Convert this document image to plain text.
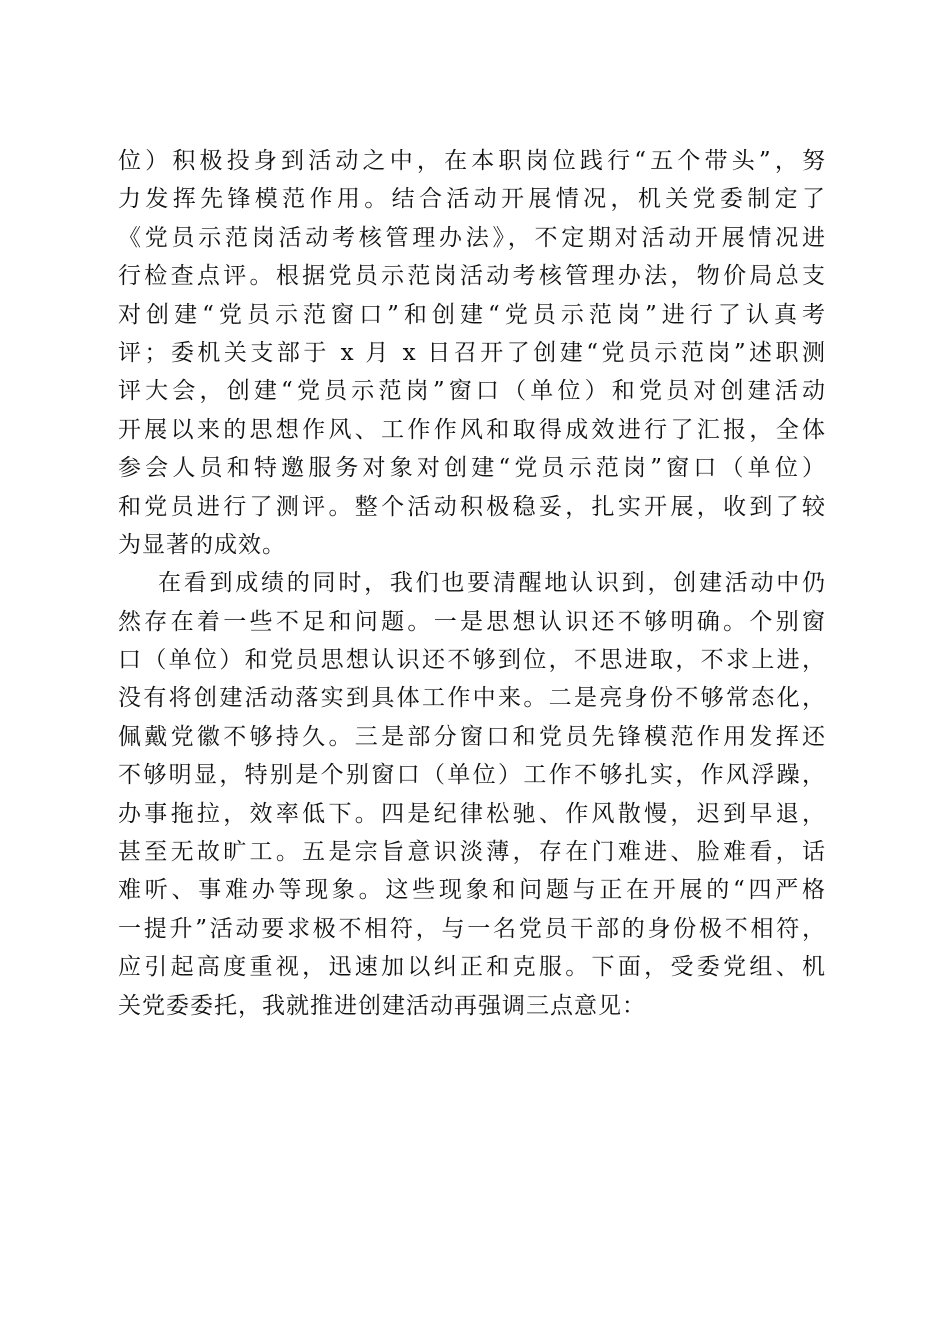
位）积极投身到活动之中，在本职岗位践行“五个带头”，努
力发挥先锋模范作用。结合活动开展情况，机关党委制定了
《党员示范岗活动考核管理办法》，不定期对活动开展情况进
行检查点评。根据党员示范岗活动考核管理办法，物价局总支
对创建“党员示范窗口”和创建“党员示范岗”进行了认真考
评；委机关支部于 x 月 x 日召开了创建“党员示范岗”述职测
评大会，创建“党员示范岗”窗口（单位）和党员对创建活动
开展以来的思想作风、工作作风和取得成效进行了汇报，全体
参会人员和特邀服务对象对创建“党员示范岗”窗口（单位）
和党员进行了测评。整个活动积极稳妥，扎实开展，收到了较
为显著的成效。
在看到成绩的同时，我们也要清醒地认识到，创建活动中仍
然存在着一些不足和问题。一是思想认识还不够明确。个别窗
口（单位）和党员思想认识还不够到位，不思进取，不求上进，
没有将创建活动落实到具体工作中来。二是亮身份不够常态化，
佩戴党徽不够持久。三是部分窗口和党员先锋模范作用发挥还
不够明显，特别是个别窗口（单位）工作不够扎实，作风浮躁，
办事拖拉，效率低下。四是纪律松驰、作风散慢，迟到早退，
甚至无故旷工。五是宗旨意识淡薄，存在门难进、脸难看，话
难听、事难办等现象。这些现象和问题与正在开展的“四严格
一提升”活动要求极不相符，与一名党员干部的身份极不相符，
应引起高度重视，迅速加以纠正和克服。下面，受委党组、机
关党委委托，我就推进创建活动再强调三点意见：
